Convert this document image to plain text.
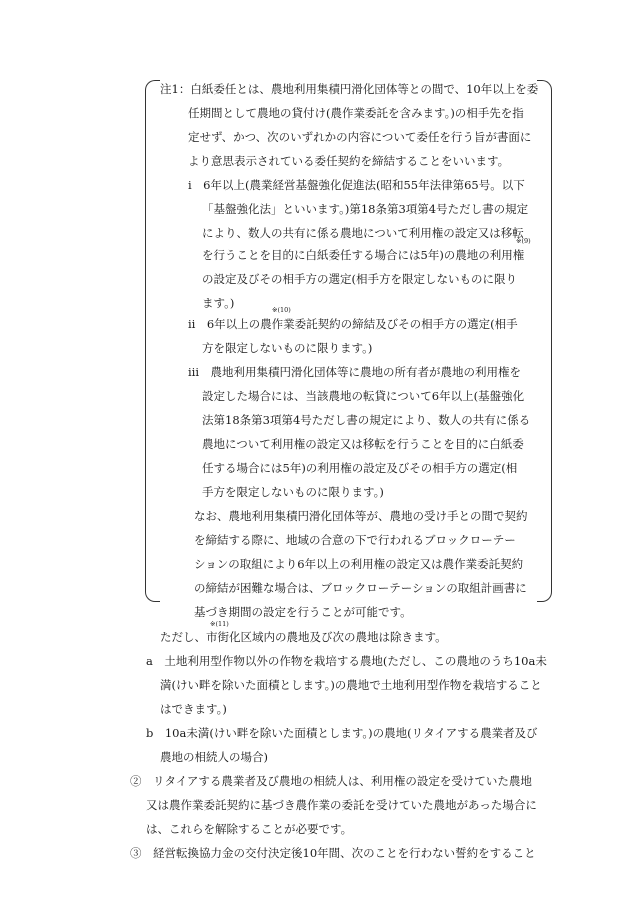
注1：白紙委任とは、農地利用集積円滑化団体等との間で、10年以上を委
任期間として農地の貸付け(農作業委託を含みます。)の相手先を指
定せず、かつ、次のいずれかの内容について委任を行う旨が書面に
より意思表示されている委任契約を締結することをいいます。
ⅰ　6年以上(農業経営基盤強化促進法(昭和55年法律第65号。以下
「基盤強化法」といいます。)第18条第3項第4号ただし書の規定
により、数人の共有に係る農地について利用権の設定又は移転
※(9)
を行うことを目的に白紙委任する場合には5年)の農地の利用権
の設定及びその相手方の選定(相手方を限定しないものに限り
ます。)	※(10)
ⅱ　6年以上の農作業委託契約の締結及びその相手方の選定(相手
方を限定しないものに限ります。)
ⅲ　農地利用集積円滑化団体等に農地の所有者が農地の利用権を
設定した場合には、当該農地の転貸について6年以上(基盤強化
法第18条第3項第4号ただし書の規定により、数人の共有に係る
農地について利用権の設定又は移転を行うことを目的に白紙委
任する場合には5年)の利用権の設定及びその相手方の選定(相
手方を限定しないものに限ります。)
なお、農地利用集積円滑化団体等が、農地の受け手との間で契約
を締結する際に、地域の合意の下で行われるブロックローテー
ションの取組により6年以上の利用権の設定又は農作業委託契約
の締結が困難な場合は、ブロックローテーションの取組計画書に
基づき期間の設定を行うことが可能です。
※(11)
ただし、市街化区域内の農地及び次の農地は除きます。
a　土地利用型作物以外の作物を栽培する農地(ただし、この農地のうち10a未
満(けい畔を除いた面積とします。)の農地で土地利用型作物を栽培すること
はできます。)
b　10a未満(けい畔を除いた面積とします。)の農地(リタイアする農業者及び
農地の相続人の場合)
②　リタイアする農業者及び農地の相続人は、利用権の設定を受けていた農地
又は農作業委託契約に基づき農作業の委託を受けていた農地があった場合に
は、これらを解除することが必要です。
③　経営転換協力金の交付決定後10年間、次のことを行わない誓約をすること
